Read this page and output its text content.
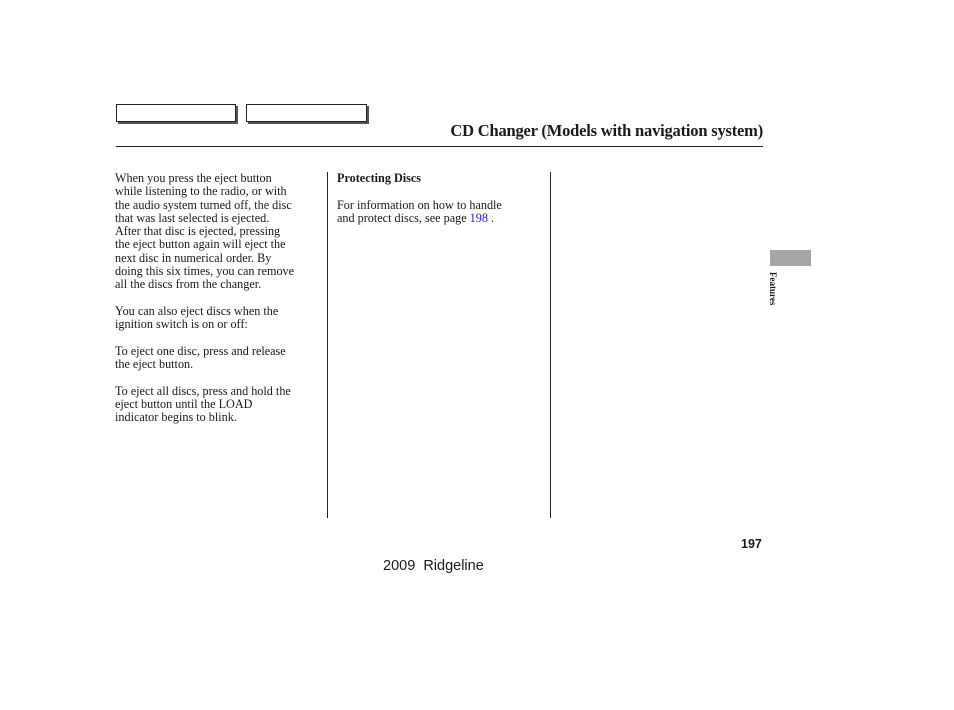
CD Changer (Models with navigation system)

When you press the eject button
while listening to the radio, or with
the audio system turned off, the disc
that was last selected is ejected.
After that disc is ejected, pressing
the eject button again will eject the
next disc in numerical order. By
doing this six times, you can remove
all the discs from the changer.

You can also eject discs when the
ignition switch is on or off:

To eject one disc, press and release
the eject button.

To eject all discs, press and hold the
eject button until the LOAD
indicator begins to blink.

Protecting Discs

For information on how to handle
and protect discs, see page 198 .

Features
197
2009  Ridgeline
